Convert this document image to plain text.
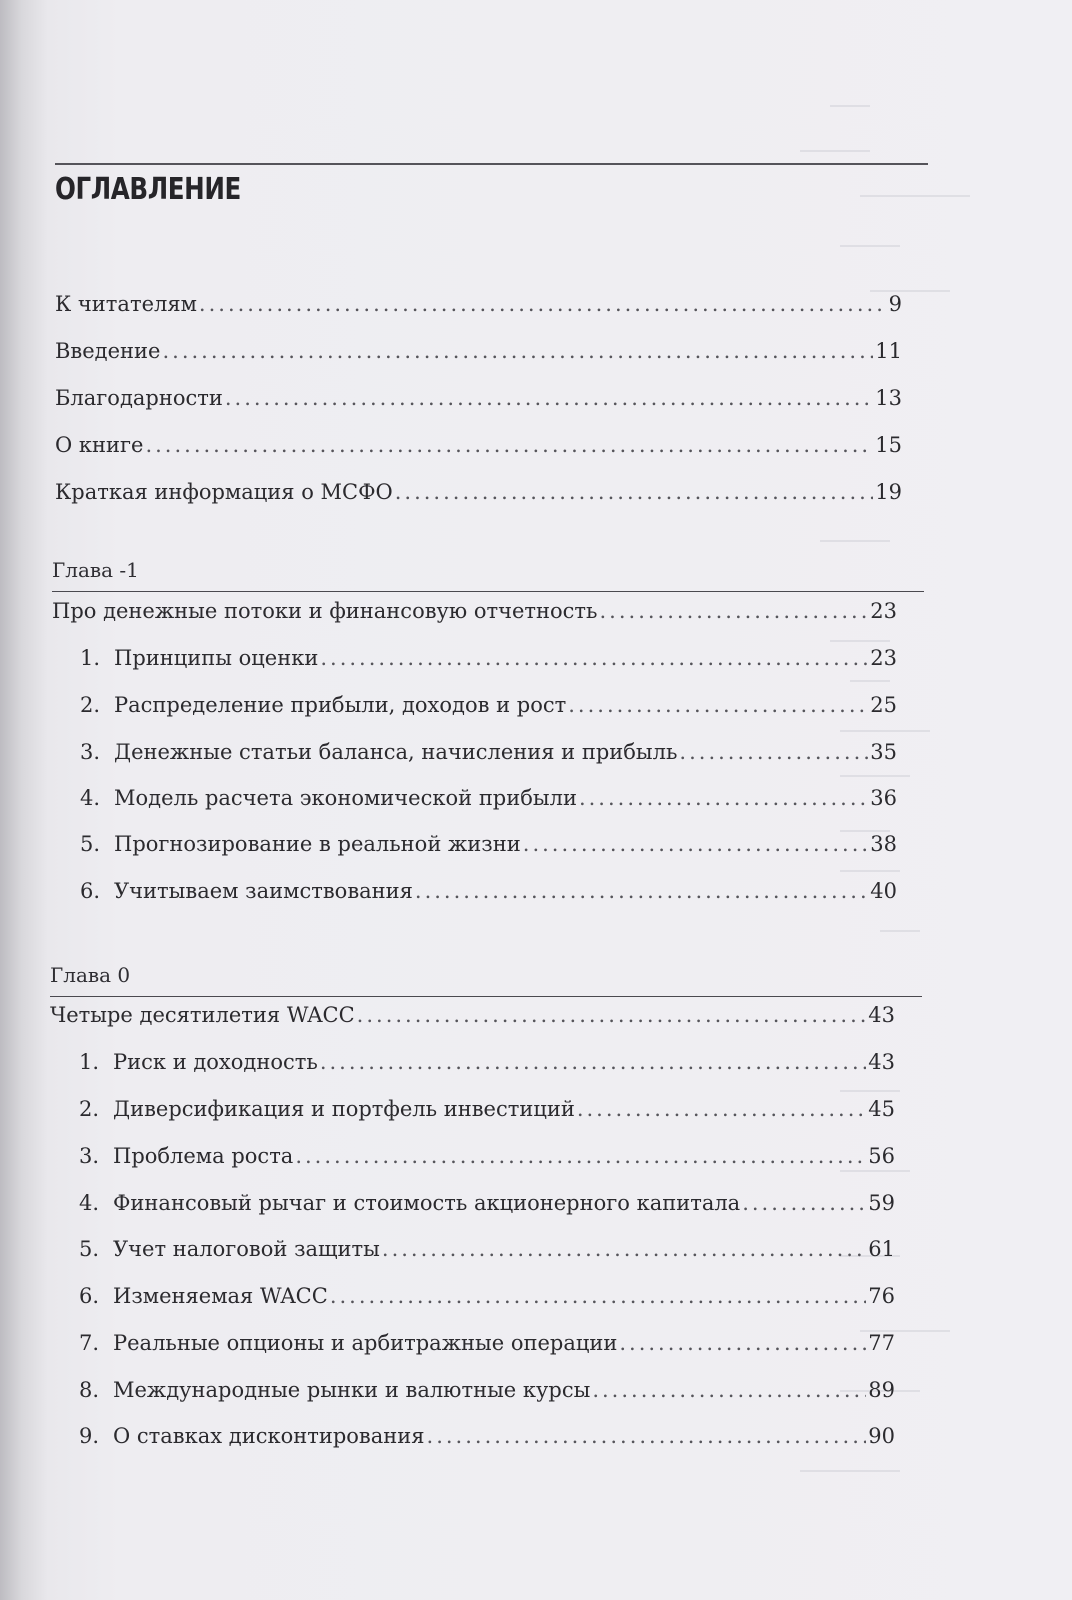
ОГЛАВЛЕНИЕ
К читателям .....	9
Введение .....	11
Благодарности .....	13
О книге .....	15
Краткая информация о МСФО .....	19
Глава -1
Про денежные потоки и финансовую отчетность .....	23
1. Принципы оценки .....	23
2. Распределение прибыли, доходов и рост .....	25
3. Денежные статьи баланса, начисления и прибыль .....	35
4. Модель расчета экономической прибыли .....	36
5. Прогнозирование в реальной жизни .....	38
6. Учитываем заимствования .....	40
Глава 0
Четыре десятилетия WACC .....	43
1. Риск и доходность .....	43
2. Диверсификация и портфель инвестиций .....	45
3. Проблема роста .....	56
4. Финансовый рычаг и стоимость акционерного капитала .....	59
5. Учет налоговой защиты .....	61
6. Изменяемая WACC .....	76
7. Реальные опционы и арбитражные операции .....	77
8. Международные рынки и валютные курсы .....	89
9. О ставках дисконтирования .....	90
